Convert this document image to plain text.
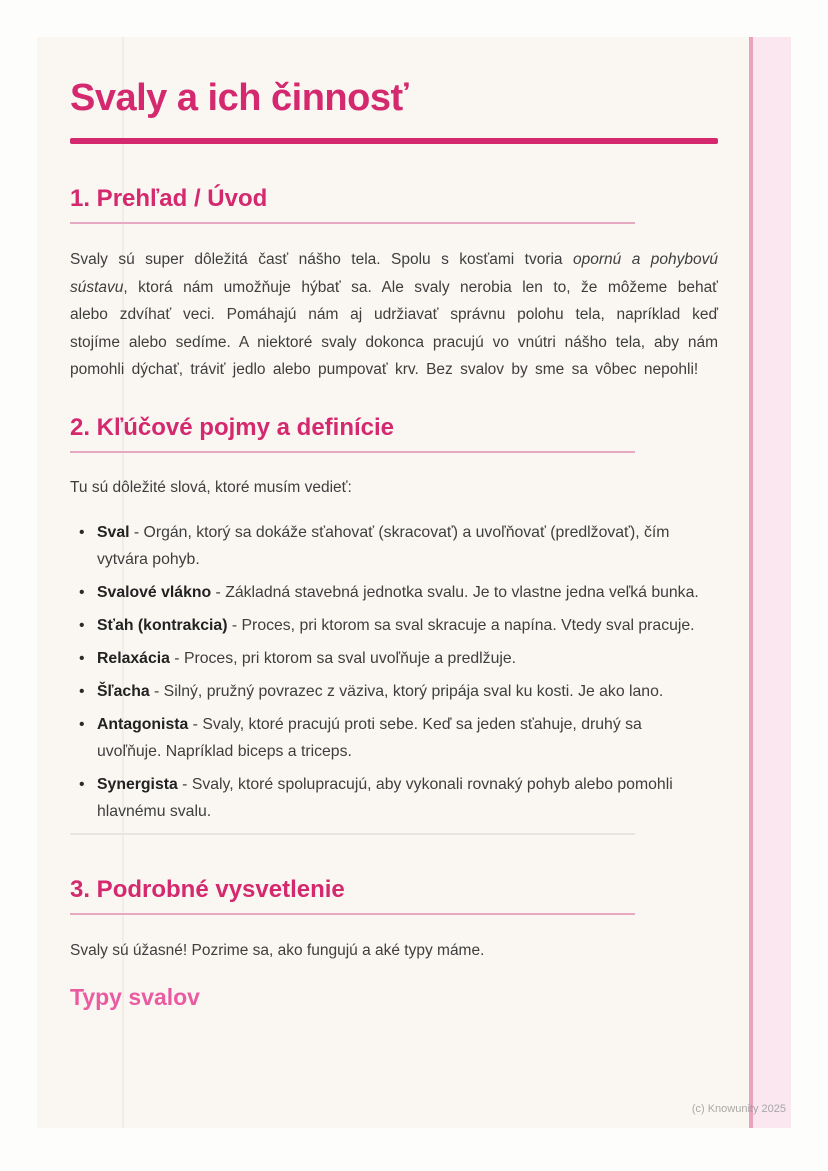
Svaly a ich činnosť
1. Prehľad / Úvod

Svaly sú super dôležitá časť nášho tela. Spolu s kosťami tvoria opornú a pohybovú sústavu, ktorá nám umožňuje hýbať sa. Ale svaly nerobia len to, že môžeme behať alebo zdvíhať veci. Pomáhajú nám aj udržiavať správnu polohu tela, napríklad keď stojíme alebo sedíme. A niektoré svaly dokonca pracujú vo vnútri nášho tela, aby nám pomohli dýchať, tráviť jedlo alebo pumpovať krv. Bez svalov by sme sa vôbec nepohli!

2. Kľúčové pojmy a definície

Tu sú dôležité slová, ktoré musím vedieť:

• Sval - Orgán, ktorý sa dokáže sťahovať (skracovať) a uvoľňovať (predlžovať), čím vytvára pohyb.
• Svalové vlákno - Základná stavebná jednotka svalu. Je to vlastne jedna veľká bunka.
• Sťah (kontrakcia) - Proces, pri ktorom sa sval skracuje a napína. Vtedy sval pracuje.
• Relaxácia - Proces, pri ktorom sa sval uvoľňuje a predlžuje.
• Šľacha - Silný, pružný povrazec z väziva, ktorý pripája sval ku kosti. Je ako lano.
• Antagonista - Svaly, ktoré pracujú proti sebe. Keď sa jeden sťahuje, druhý sa uvoľňuje. Napríklad biceps a triceps.
• Synergista - Svaly, ktoré spolupracujú, aby vykonali rovnaký pohyb alebo pomohli hlavnému svalu.
3. Podrobné vysvetlenie

Svaly sú úžasné! Pozrime sa, ako fungujú a aké typy máme.

Typy svalov
(c) Knowunity 2025
